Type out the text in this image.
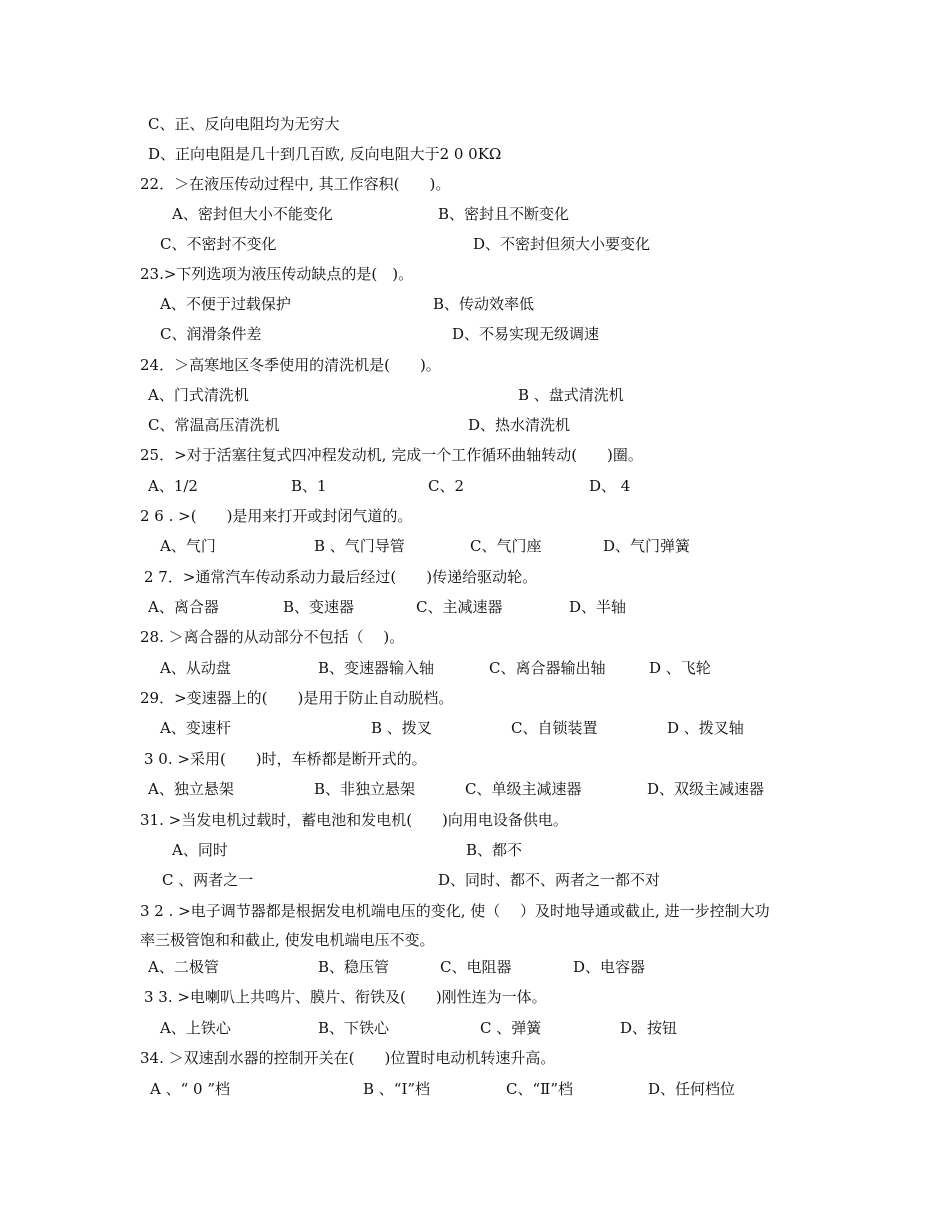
C、正、反向电阻均为无穷大
D、正向电阻是几十到几百欧, 反向电阻大于2 0 0KΩ
22．＞在液压传动过程中, 其工作容积(　　)。
A、密封但大小不能变化	B、密封且不断变化
C、不密封不变化	D、不密封但须大小要变化
23.>下列选项为液压传动缺点的是(　)。
A、不便于过载保护	B、传动效率低
C、润滑条件差	D、不易实现无级调速
24．＞高寒地区冬季使用的清洗机是(　　)。
A、门式清洗机	B 、盘式清洗机
C、常温高压清洗机	D、热水清洗机
25．>对于活塞往复式四冲程发动机, 完成一个工作循环曲轴转动(　　)圈。
A、1/2	B、1	C、2	D、 4
2 6 . >(　　)是用来打开或封闭气道的。
A、气门	B 、气门导管	C、气门座	D、气门弹簧
2 7．>通常汽车传动系动力最后经过(　　)传递给驱动轮。
A、离合器	B、变速器	C、主减速器	D、半轴
28. ＞离合器的从动部分不包括（　 )。
A、从动盘	B、变速器输入轴	C、离合器输出轴	D 、飞轮
29．>变速器上的(　　)是用于防止自动脱档。
A、变速杆	B 、拨叉	C、自锁装置	D 、拨叉轴
3 0. >采用(　　)时，车桥都是断开式的。
A、独立悬架	B、非独立悬架	C、单级主减速器	D、双级主减速器
31. >当发电机过载时，蓄电池和发电机(　　)向用电设备供电。
A、同时	B、都不
C 、两者之一	D、同时、都不、两者之一都不对
3 2 . >电子调节器都是根据发电机端电压的变化, 使（　 ）及时地导通或截止, 进一步控制大功
率三极管饱和和截止, 使发电机端电压不变。
A、二极管	B、稳压管	C、电阻器	D、电容器
3 3. >电喇叭上共鸣片、膜片、衔铁及(　　)刚性连为一体。
A、上铁心	B、下铁心	C 、弹簧	D、按钮
34. ＞双速刮水器的控制开关在(　　)位置时电动机转速升高。
A 、“ 0 ”档	B 、“Ⅰ”档	C、“Ⅱ”档	D、任何档位
